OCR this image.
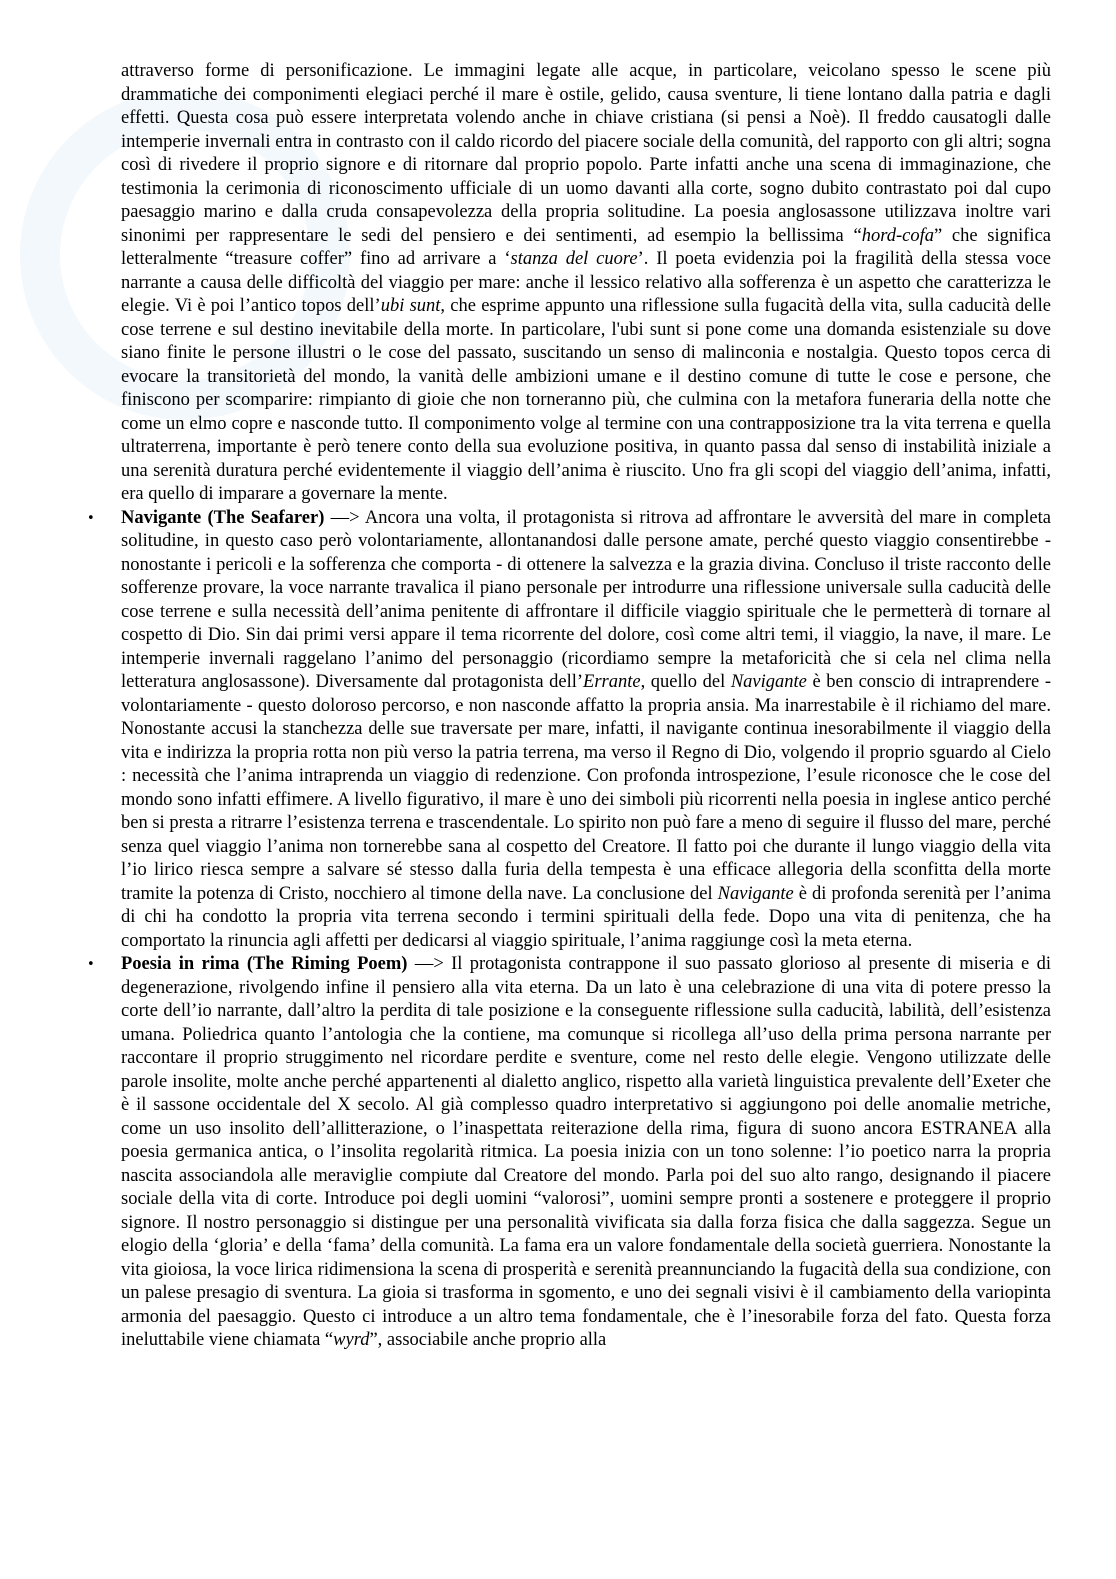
attraverso forme di personificazione. Le immagini legate alle acque, in particolare, veicolano spesso le scene più drammatiche dei componimenti elegiaci perché il mare è ostile, gelido, causa sventure, li tiene lontano dalla patria e dagli effetti. Questa cosa può essere interpretata volendo anche in chiave cristiana (si pensi a Noè). Il freddo causatogli dalle intemperie invernali entra in contrasto con il caldo ricordo del piacere sociale della comunità, del rapporto con gli altri; sogna così di rivedere il proprio signore e di ritornare dal proprio popolo. Parte infatti anche una scena di immaginazione, che testimonia la cerimonia di riconoscimento ufficiale di un uomo davanti alla corte, sogno dubito contrastato poi dal cupo paesaggio marino e dalla cruda consapevolezza della propria solitudine. La poesia anglosassone utilizzava inoltre vari sinonimi per rappresentare le sedi del pensiero e dei sentimenti, ad esempio la bellissima “hord-cofa” che significa letteralmente “treasure coffer” fino ad arrivare a ‘stanza del cuore’. Il poeta evidenzia poi la fragilità della stessa voce narrante a causa delle difficoltà del viaggio per mare: anche il lessico relativo alla sofferenza è un aspetto che caratterizza le elegie. Vi è poi l’antico topos dell’ubi sunt, che esprime appunto una riflessione sulla fugacità della vita, sulla caducità delle cose terrene e sul destino inevitabile della morte. In particolare, l'ubi sunt si pone come una domanda esistenziale su dove siano finite le persone illustri o le cose del passato, suscitando un senso di malinconia e nostalgia. Questo topos cerca di evocare la transitorietà del mondo, la vanità delle ambizioni umane e il destino comune di tutte le cose e persone, che finiscono per scomparire: rimpianto di gioie che non torneranno più, che culmina con la metafora funeraria della notte che come un elmo copre e nasconde tutto. Il componimento volge al termine con una contrapposizione tra la vita terrena e quella ultraterrena, importante è però tenere conto della sua evoluzione positiva, in quanto passa dal senso di instabilità iniziale a una serenità duratura perché evidentemente il viaggio dell’anima è riuscito. Uno fra gli scopi del viaggio dell’anima, infatti, era quello di imparare a governare la mente.

• Navigante (The Seafarer) —> Ancora una volta, il protagonista si ritrova ad affrontare le avversità del mare in completa solitudine, in questo caso però volontariamente, allontanandosi dalle persone amate, perché questo viaggio consentirebbe - nonostante i pericoli e la sofferenza che comporta - di ottenere la salvezza e la grazia divina. Concluso il triste racconto delle sofferenze provare, la voce narrante travalica il piano personale per introdurre una riflessione universale sulla caducità delle cose terrene e sulla necessità dell’anima penitente di affrontare il difficile viaggio spirituale che le permetterà di tornare al cospetto di Dio. Sin dai primi versi appare il tema ricorrente del dolore, così come altri temi, il viaggio, la nave, il mare. Le intemperie invernali raggelano l’animo del personaggio (ricordiamo sempre la metaforicità che si cela nel clima nella letteratura anglosassone). Diversamente dal protagonista dell’Errante, quello del Navigante è ben conscio di intraprendere - volontariamente - questo doloroso percorso, e non nasconde affatto la propria ansia. Ma inarrestabile è il richiamo del mare. Nonostante accusi la stanchezza delle sue traversate per mare, infatti, il navigante continua inesorabilmente il viaggio della vita e indirizza la propria rotta non più verso la patria terrena, ma verso il Regno di Dio, volgendo il proprio sguardo al Cielo : necessità che l’anima intraprenda un viaggio di redenzione. Con profonda introspezione, l’esule riconosce che le cose del mondo sono infatti effimere. A livello figurativo, il mare è uno dei simboli più ricorrenti nella poesia in inglese antico perché ben si presta a ritrarre l’esistenza terrena e trascendentale. Lo spirito non può fare a meno di seguire il flusso del mare, perché senza quel viaggio l’anima non tornerebbe sana al cospetto del Creatore. Il fatto poi che durante il lungo viaggio della vita l’io lirico riesca sempre a salvare sé stesso dalla furia della tempesta è una efficace allegoria della sconfitta della morte tramite la potenza di Cristo, nocchiero al timone della nave. La conclusione del Navigante è di profonda serenità per l’anima di chi ha condotto la propria vita terrena secondo i termini spirituali della fede. Dopo una vita di penitenza, che ha comportato la rinuncia agli affetti per dedicarsi al viaggio spirituale, l’anima raggiunge così la meta eterna.

• Poesia in rima (The Riming Poem) —> Il protagonista contrappone il suo passato glorioso al presente di miseria e di degenerazione, rivolgendo infine il pensiero alla vita eterna. Da un lato è una celebrazione di una vita di potere presso la corte dell’io narrante, dall’altro la perdita di tale posizione e la conseguente riflessione sulla caducità, labilità, dell’esistenza umana. Poliedrica quanto l’antologia che la contiene, ma comunque si ricollega all’uso della prima persona narrante per raccontare il proprio struggimento nel ricordare perdite e sventure, come nel resto delle elegie. Vengono utilizzate delle parole insolite, molte anche perché appartenenti al dialetto anglico, rispetto alla varietà linguistica prevalente dell’Exeter che è il sassone occidentale del X secolo. Al già complesso quadro interpretativo si aggiungono poi delle anomalie metriche, come un uso insolito dell’allitterazione, o l’inaspettata reiterazione della rima, figura di suono ancora ESTRANEA alla poesia germanica antica, o l’insolita regolarità ritmica. La poesia inizia con un tono solenne: l’io poetico narra la propria nascita associandola alle meraviglie compiute dal Creatore del mondo. Parla poi del suo alto rango, designando il piacere sociale della vita di corte. Introduce poi degli uomini “valorosi”, uomini sempre pronti a sostenere e proteggere il proprio signore. Il nostro personaggio si distingue per una personalità vivificata sia dalla forza fisica che dalla saggezza. Segue un elogio della ‘gloria’ e della ‘fama’ della comunità. La fama era un valore fondamentale della società guerriera. Nonostante la vita gioiosa, la voce lirica ridimensiona la scena di prosperità e serenità preannunciando la fugacità della sua condizione, con un palese presagio di sventura. La gioia si trasforma in sgomento, e uno dei segnali visivi è il cambiamento della variopinta armonia del paesaggio. Questo ci introduce a un altro tema fondamentale, che è l’inesorabile forza del fato. Questa forza ineluttabile viene chiamata “wyrd”, associabile anche proprio alla
